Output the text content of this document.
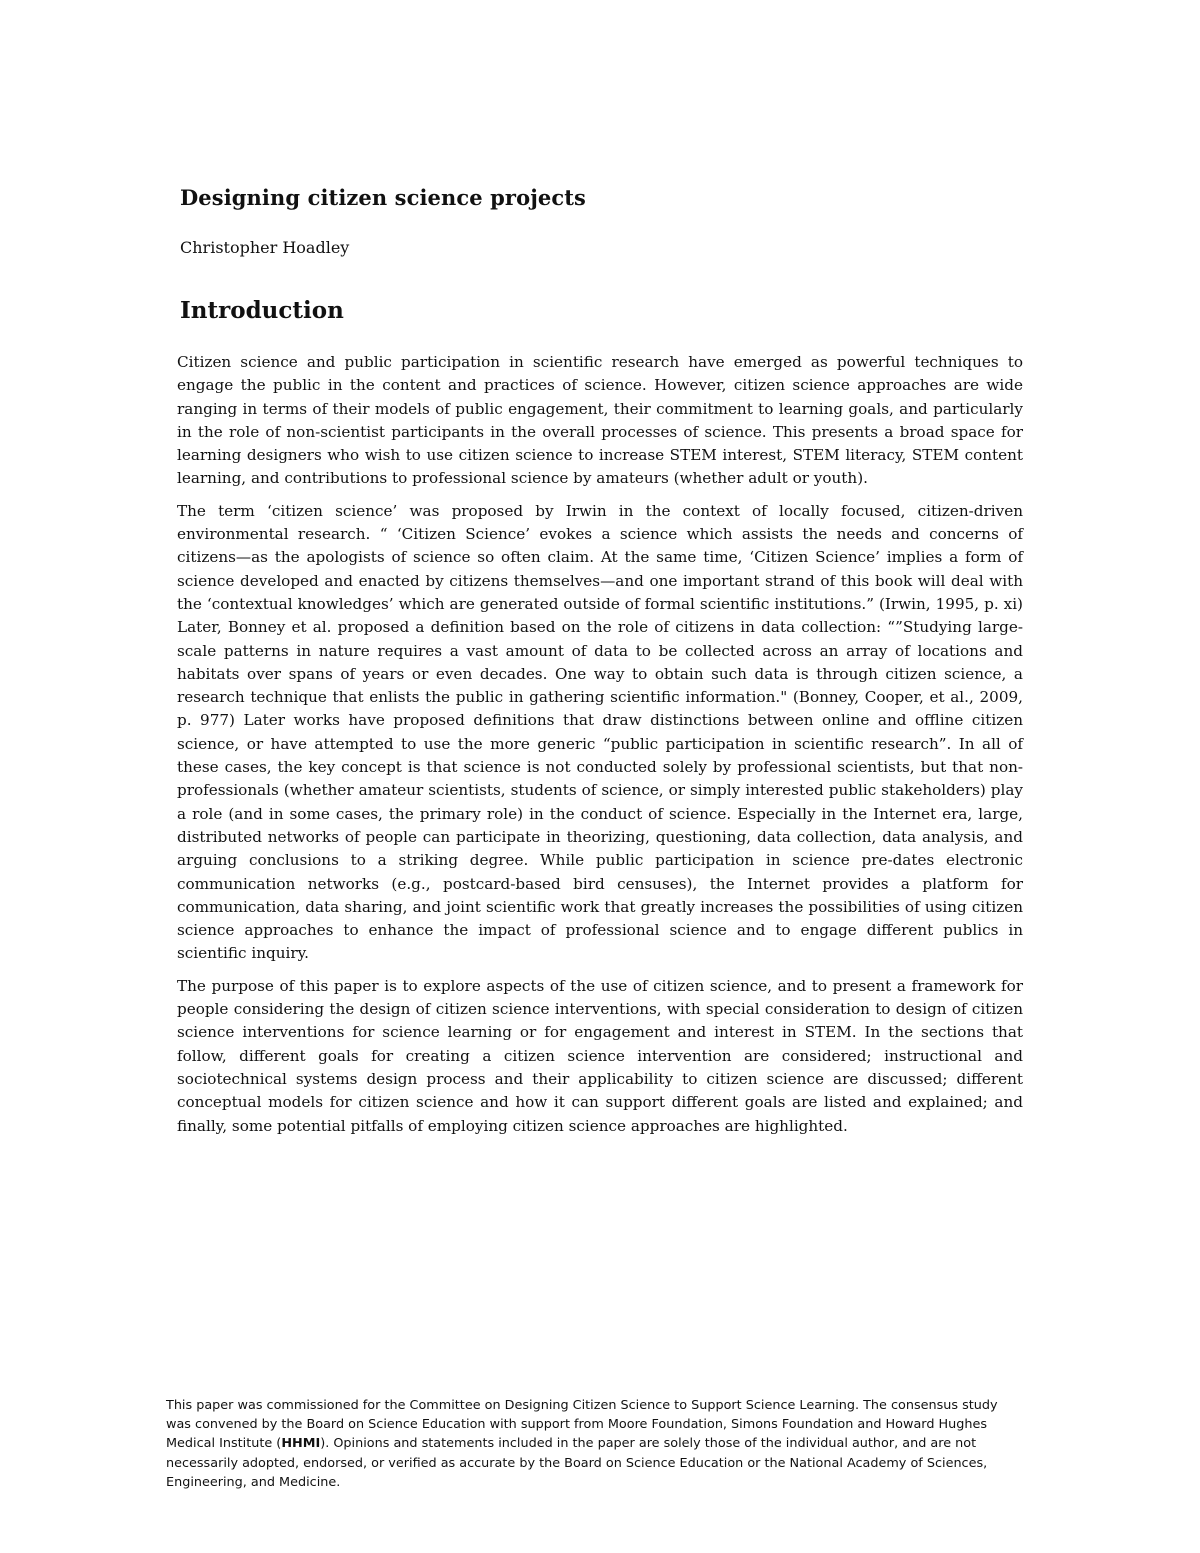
Designing citizen science projects

Christopher Hoadley

Introduction

Citizen science and public participation in scientific research have emerged as powerful techniques to engage the public in the content and practices of science. However, citizen science approaches are wide ranging in terms of their models of public engagement, their commitment to learning goals, and particularly in the role of non-scientist participants in the overall processes of science. This presents a broad space for learning designers who wish to use citizen science to increase STEM interest, STEM literacy, STEM content learning, and contributions to professional science by amateurs (whether adult or youth).

The term ‘citizen science’ was proposed by Irwin in the context of locally focused, citizen-driven environmental research. “ ‘Citizen Science’ evokes a science which assists the needs and concerns of citizens—as the apologists of science so often claim. At the same time, ‘Citizen Science’ implies a form of science developed and enacted by citizens themselves—and one important strand of this book will deal with the ‘contextual knowledges’ which are generated outside of formal scientific institutions.” (Irwin, 1995, p. xi) Later, Bonney et al. proposed a definition based on the role of citizens in data collection: “”Studying large-scale patterns in nature requires a vast amount of data to be collected across an array of locations and habitats over spans of years or even decades. One way to obtain such data is through citizen science, a research technique that enlists the public in gathering scientific information." (Bonney, Cooper, et al., 2009, p. 977) Later works have proposed definitions that draw distinctions between online and offline citizen science, or have attempted to use the more generic “public participation in scientific research”. In all of these cases, the key concept is that science is not conducted solely by professional scientists, but that non-professionals (whether amateur scientists, students of science, or simply interested public stakeholders) play a role (and in some cases, the primary role) in the conduct of science. Especially in the Internet era, large, distributed networks of people can participate in theorizing, questioning, data collection, data analysis, and arguing conclusions to a striking degree. While public participation in science pre-dates electronic communication networks (e.g., postcard-based bird censuses), the Internet provides a platform for communication, data sharing, and joint scientific work that greatly increases the possibilities of using citizen science approaches to enhance the impact of professional science and to engage different publics in scientific inquiry.

The purpose of this paper is to explore aspects of the use of citizen science, and to present a framework for people considering the design of citizen science interventions, with special consideration to design of citizen science interventions for science learning or for engagement and interest in STEM. In the sections that follow, different goals for creating a citizen science intervention are considered; instructional and sociotechnical systems design process and their applicability to citizen science are discussed; different conceptual models for citizen science and how it can support different goals are listed and explained; and finally, some potential pitfalls of employing citizen science approaches are highlighted.

This paper was commissioned for the Committee on Designing Citizen Science to Support Science Learning. The consensus study was convened by the Board on Science Education with support from Moore Foundation, Simons Foundation and Howard Hughes Medical Institute (HHMI). Opinions and statements included in the paper are solely those of the individual author, and are not necessarily adopted, endorsed, or verified as accurate by the Board on Science Education or the National Academy of Sciences, Engineering, and Medicine.
